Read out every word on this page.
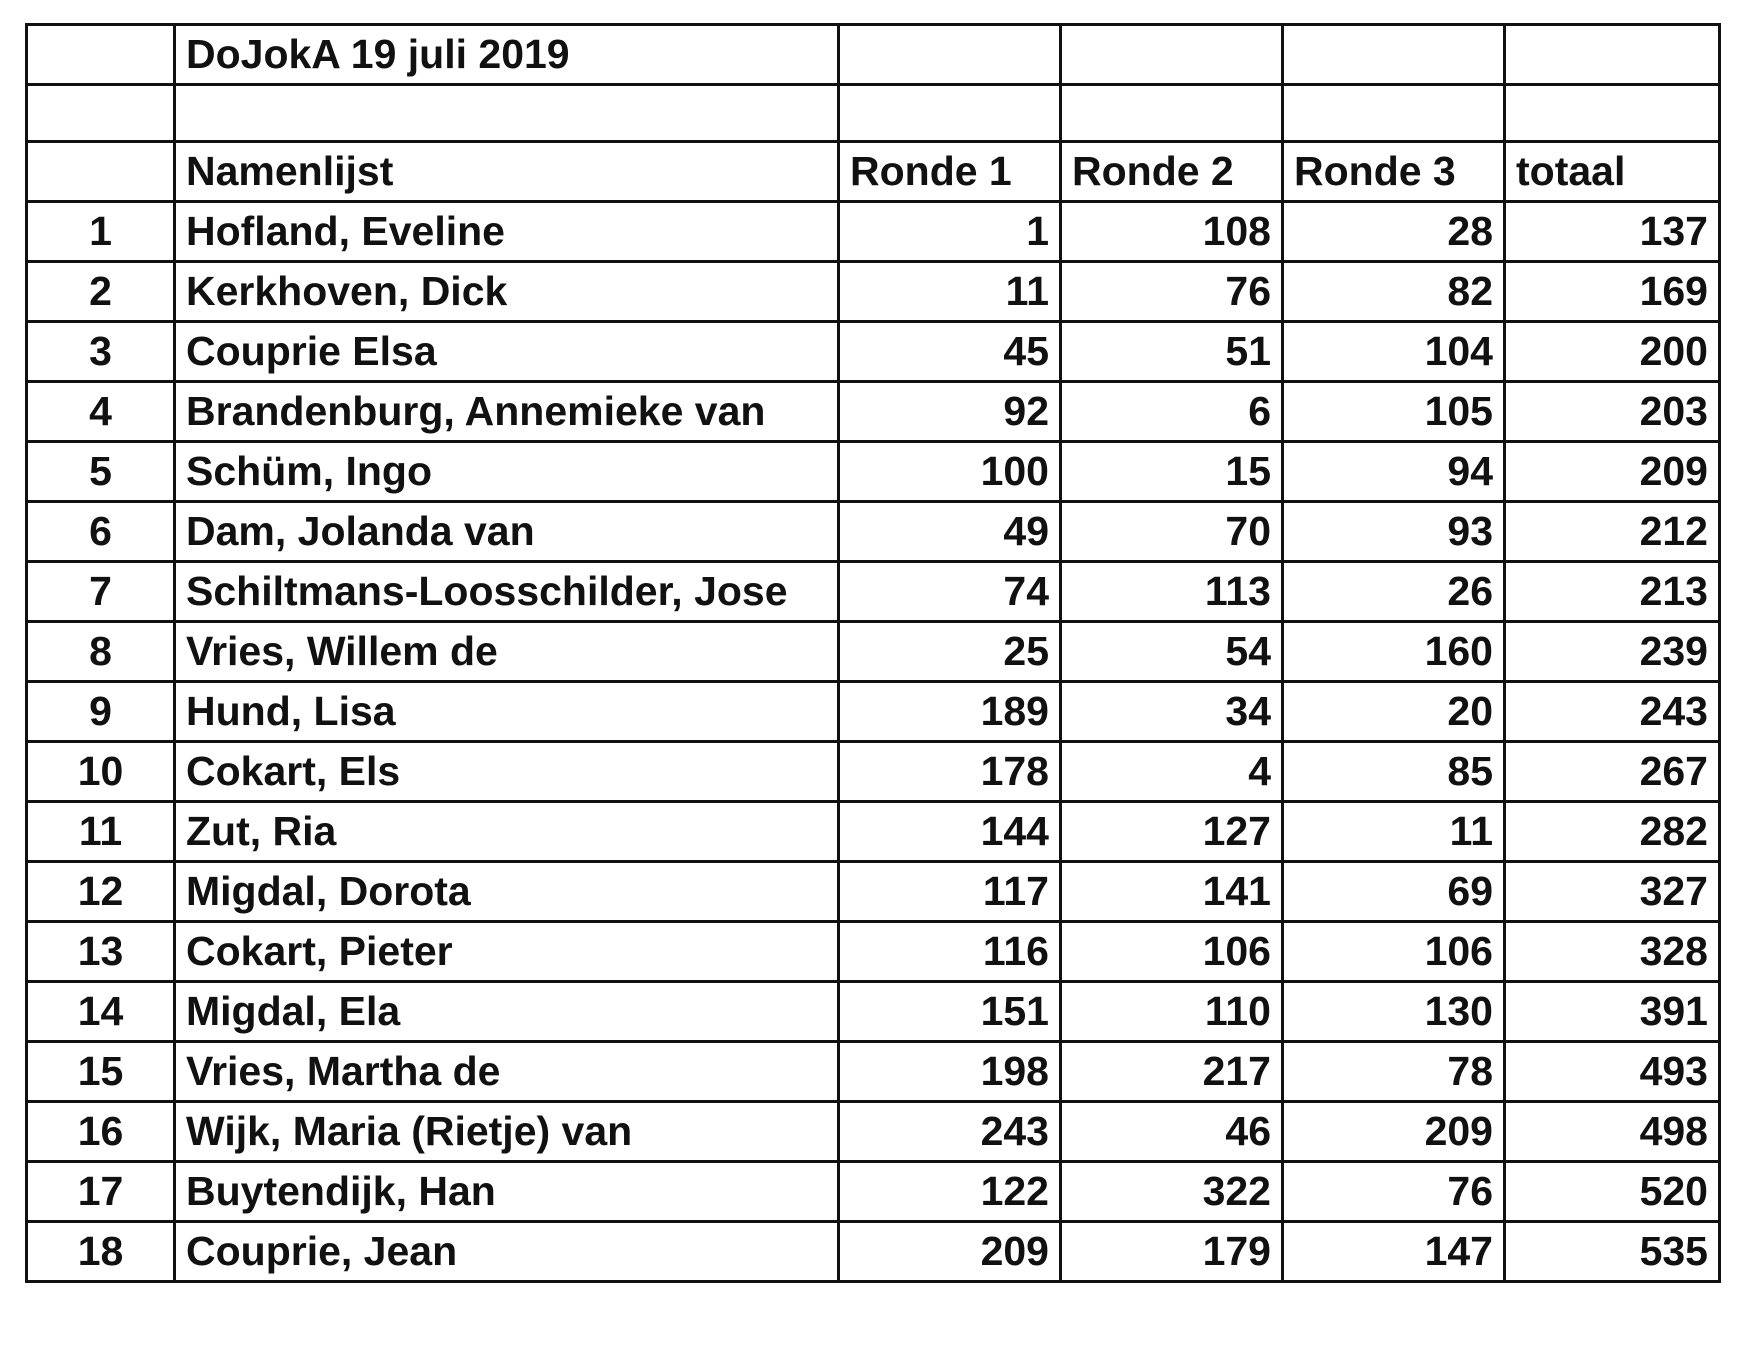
	DoJokA 19 juli 2019				

	Namenlijst	Ronde 1	Ronde 2	Ronde 3	totaal
1	Hofland, Eveline	1	108	28	137
2	Kerkhoven, Dick	11	76	82	169
3	Couprie Elsa	45	51	104	200
4	Brandenburg, Annemieke van	92	6	105	203
5	Schüm, Ingo	100	15	94	209
6	Dam, Jolanda van	49	70	93	212
7	Schiltmans-Loosschilder, Jose	74	113	26	213
8	Vries, Willem de	25	54	160	239
9	Hund, Lisa	189	34	20	243
10	Cokart, Els	178	4	85	267
11	Zut, Ria	144	127	11	282
12	Migdal, Dorota	117	141	69	327
13	Cokart, Pieter	116	106	106	328
14	Migdal, Ela	151	110	130	391
15	Vries, Martha de	198	217	78	493
16	Wijk, Maria (Rietje) van	243	46	209	498
17	Buytendijk, Han	122	322	76	520
18	Couprie, Jean	209	179	147	535
